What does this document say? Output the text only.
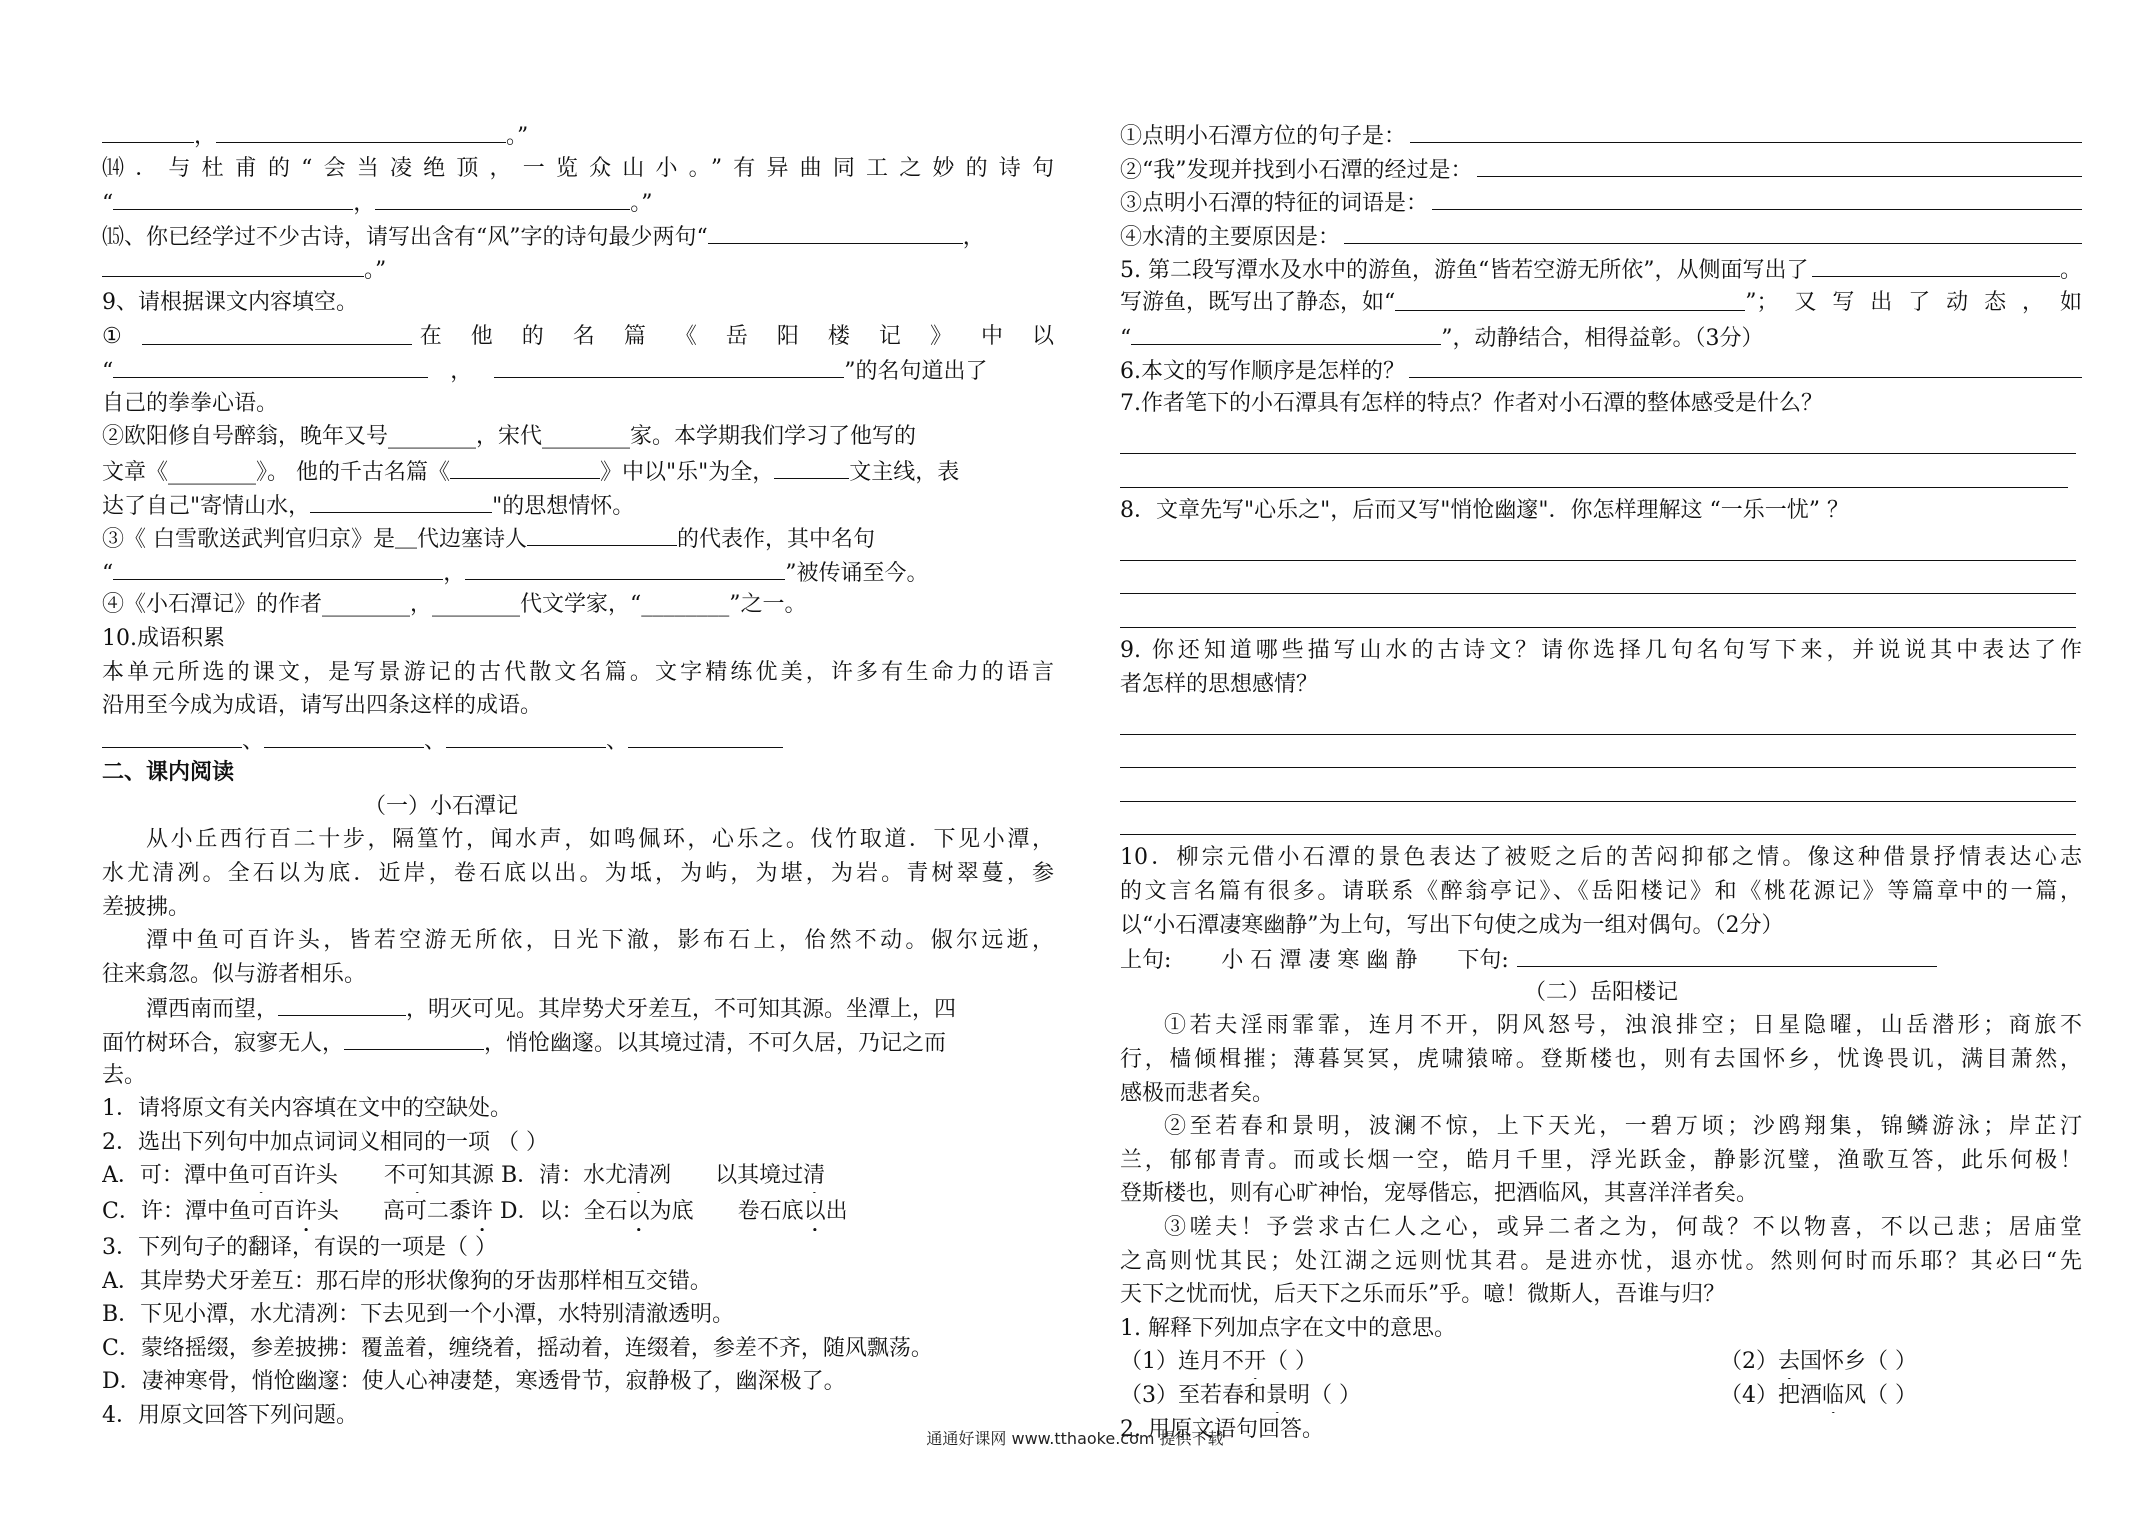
，	。”
⒁．与杜甫的“会当凌绝顶，一览众山小。”有异曲同工之妙的诗句
“	，	。”
⒂、你已经学过不少古诗，请写出含有“风”字的诗句最少两句“	，
。”
9、请根据课文内容填空。
①	在 他 的 名 篇 《 岳 阳 楼 记 》 中 以
“	，	”的名句道出了
自己的拳拳心语。
②欧阳修自号醉翁，晚年又号________，宋代________家。本学期我们学习了他写的
文章《________》。 他的千古名篇《	》中以"乐"为全，	文主线，表
达了自己"寄情山水，	"的思想情怀。
③《 白雪歌送武判官归京》是＿代边塞诗人	的代表作，其中名句
“	，	”被传诵至今。
④《小石潭记》的作者________，________代文学家，“________”之一。
10.成语积累
本单元所选的课文，是写景游记的古代散文名篇。文字精练优美，许多有生命力的语言
沿用至今成为成语，请写出四条这样的成语。
、	、	、
二、课内阅读
（一）小石潭记
从小丘西行百二十步，隔篁竹，闻水声，如鸣佩环，心乐之。伐竹取道．下见小潭，
水尤清冽。全石以为底．近岸，卷石底以出。为坻，为屿，为堪，为岩。青树翠蔓，参
差披拂。
潭中鱼可百许头，皆若空游无所依，日光下澈，影布石上，佁然不动。俶尔远逝，
往来翕忽。似与游者相乐。
潭西南而望，	，明灭可见。其岸势犬牙差互，不可知其源。坐潭上，四
面竹树环合，寂寥无人，	，悄怆幽邃。以其境过清，不可久居，乃记之而
去。
1．请将原文有关内容填在文中的空缺处。
2．选出下列句中加点词词义相同的一项 （ ）
A．可：潭中鱼可百许头 不可知其源 B．清：水尤清冽 以其境过清
C．许：潭中鱼可百许头 高可二黍许 D．以：全石以为底 卷石底以出
3．下列句子的翻译，有误的一项是（ ）
A．其岸势犬牙差互：那石岸的形状像狗的牙齿那样相互交错。
B．下见小潭，水尤清冽：下去见到一个小潭，水特别清澈透明。
C．蒙络摇缀，参差披拂：覆盖着，缠绕着，摇动着，连缀着，参差不齐，随风飘荡。
D．凄神寒骨，悄怆幽邃：使人心神凄楚，寒透骨节，寂静极了，幽深极了。
4．用原文回答下列问题。
①点明小石潭方位的句子是：
②“我”发现并找到小石潭的经过是：
③点明小石潭的特征的词语是：
④水清的主要原因是：
5. 第二段写潭水及水中的游鱼，游鱼“皆若空游无所依”，从侧面写出了	。
写游鱼，既写出了静态，如“	”；又写出了动态，如
“	”，动静结合，相得益彰。（3分）
6.本文的写作顺序是怎样的？
7.作者笔下的小石潭具有怎样的特点？作者对小石潭的整体感受是什么？
8．文章先写"心乐之"，后而又写"悄怆幽邃"．你怎样理解这 “一乐一忧” ？
9. 你还知道哪些描写山水的古诗文？请你选择几句名句写下来，并说说其中表达了作
者怎样的思想感情？
10．柳宗元借小石潭的景色表达了被贬之后的苦闷抑郁之情。像这种借景抒情表达心志
的文言名篇有很多。请联系《醉翁亭记》、《岳阳楼记》和《桃花源记》等篇章中的一篇，
以“小石潭凄寒幽静”为上句，写出下句使之成为一组对偶句。（2分）
上句: 小 石 潭 凄 寒 幽 静 下句:
（二）岳阳楼记
①若夫淫雨霏霏，连月不开，阴风怒号，浊浪排空；日星隐曜，山岳潜形；商旅不
行，樯倾楫摧；薄暮冥冥，虎啸猿啼。登斯楼也，则有去国怀乡，忧谗畏讥，满目萧然，
感极而悲者矣。
②至若春和景明，波澜不惊，上下天光，一碧万顷；沙鸥翔集，锦鳞游泳；岸芷汀
兰，郁郁青青。而或长烟一空，皓月千里，浮光跃金，静影沉璧，渔歌互答，此乐何极！
登斯楼也，则有心旷神怡，宠辱偕忘，把酒临风，其喜洋洋者矣。
③嗟夫！予尝求古仁人之心，或异二者之为，何哉？不以物喜，不以己悲；居庙堂
之高则忧其民；处江湖之远则忧其君。是进亦忧，退亦忧。然则何时而乐耶？其必曰“先
天下之忧而忧，后天下之乐而乐”乎。噫！微斯人，吾谁与归？
1. 解释下列加点字在文中的意思。
（1）连月不开（ ）	（2）去国怀乡（ ）
（3）至若春和景明（ ）	（4）把酒临风（ ）
2. 用原文语句回答。
通通好课网 www.tthaoke.com 提供下载
